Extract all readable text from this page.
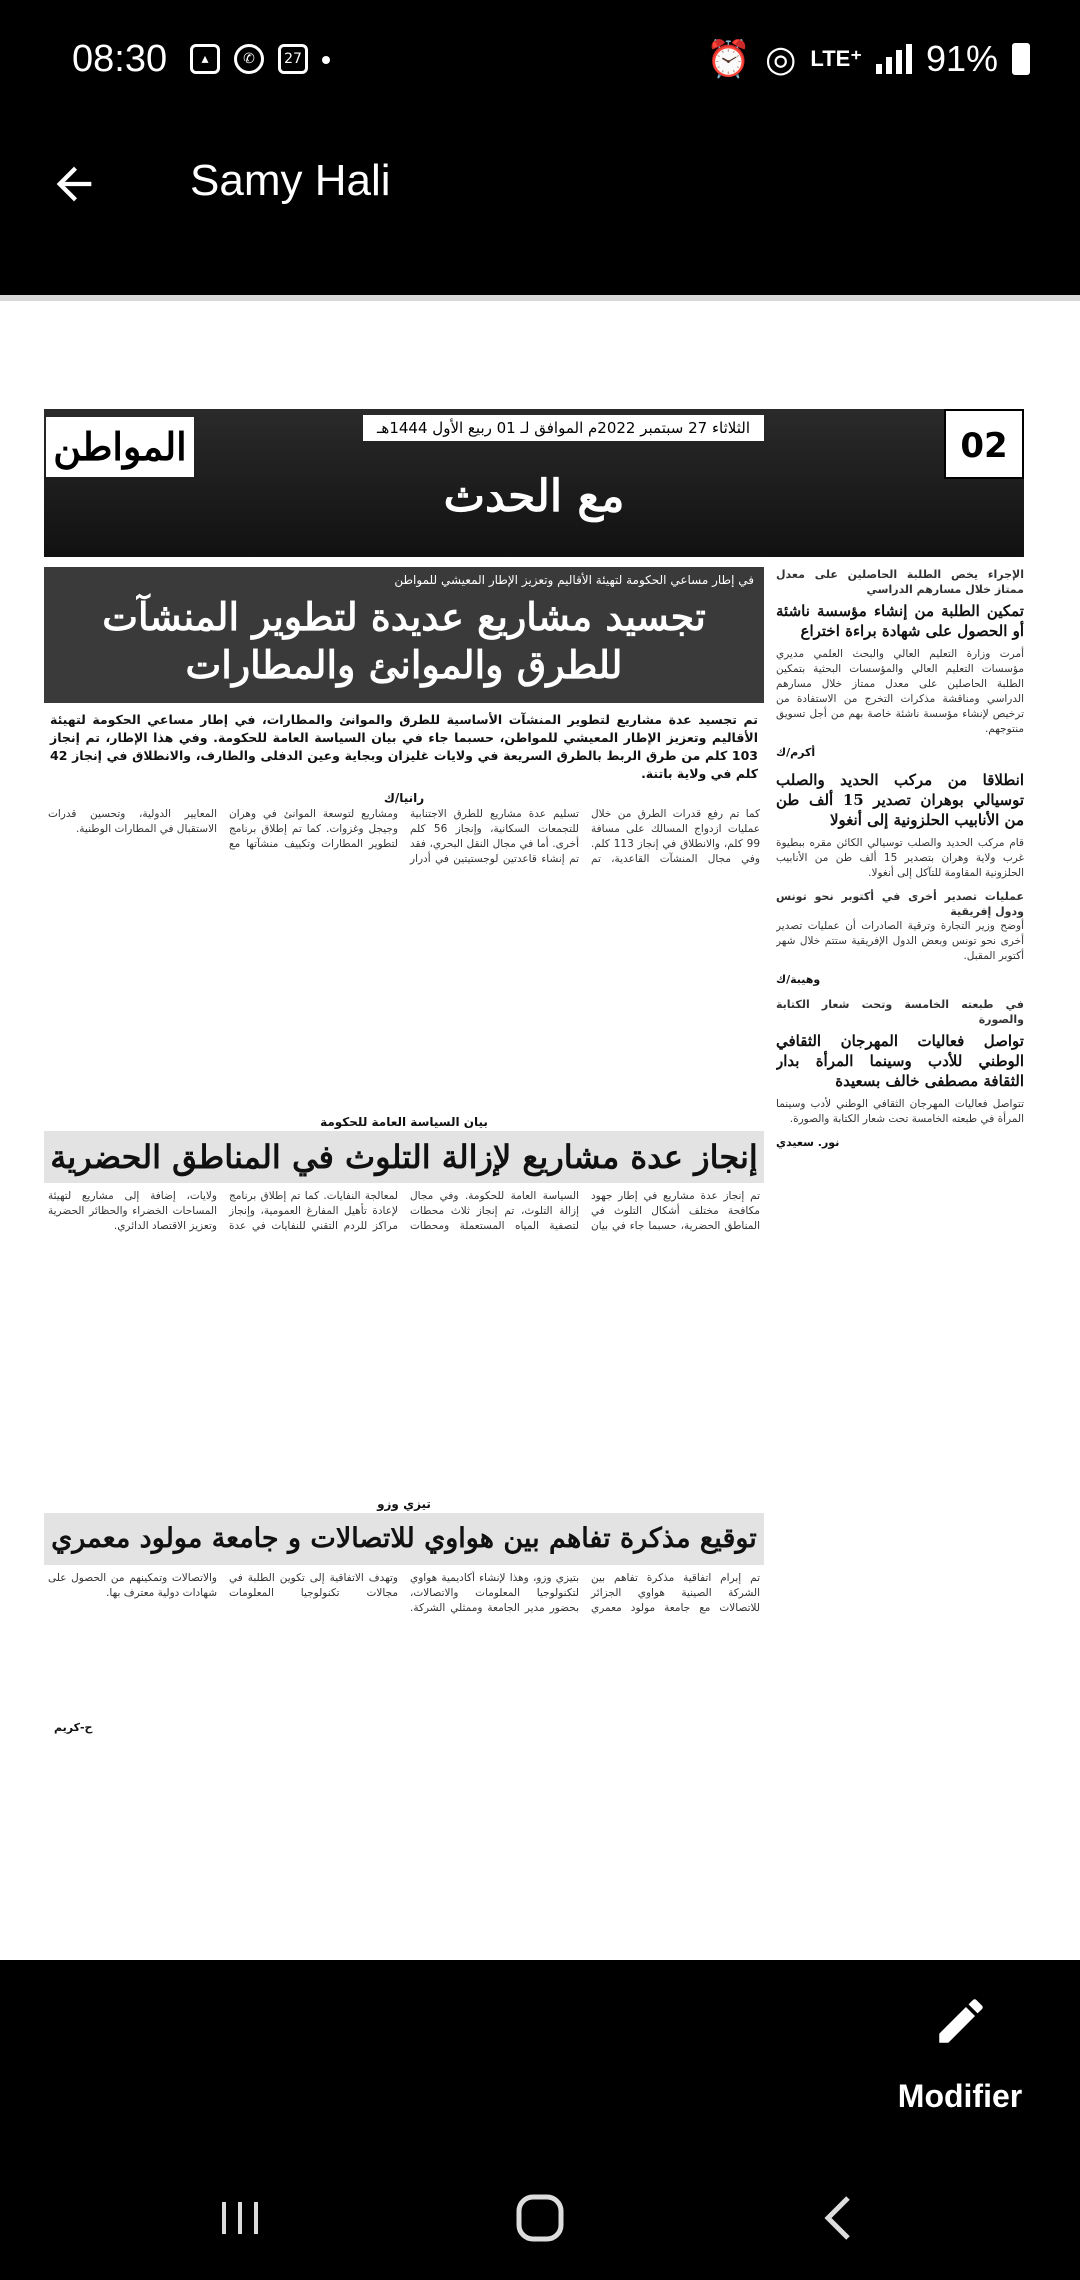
08:30	▴	✆	27	⏰ ◎ LTE⁺ 91%
Samy Hali
02
الثلاثاء 27 سبتمبر 2022م الموافق لـ 01 ربيع الأول 1444هـ
المواطن
مع الحدث

الإجراء يخص الطلبة الحاصلين على معدل ممتاز خلال مسارهم الدراسي

تمكين الطلبة من إنشاء مؤسسة ناشئة أو الحصول على شهادة براءة اختراع

أمرت وزارة التعليم العالي والبحث العلمي مديري مؤسسات التعليم العالي والمؤسسات البحثية بتمكين الطلبة الحاصلين على معدل ممتاز خلال مسارهم الدراسي ومناقشة مذكرات التخرج من الاستفادة من ترخيص لإنشاء مؤسسة ناشئة خاصة بهم من أجل تسويق منتوجهم.

أكرم/ك
انطلاقا من مركب الحديد والصلب توسيالي بوهران تصدير 15 ألف طن من الأنابيب الحلزونية إلى أنغولا

قام مركب الحديد والصلب توسيالي الكائن مقره ببطيوة غرب ولاية وهران بتصدير 15 ألف طن من الأنابيب الحلزونية المقاومة للتآكل إلى أنغولا.

عمليات تصدير أخرى في أكتوبر نحو تونس ودول إفريقية

أوضح وزير التجارة وترقية الصادرات أن عمليات تصدير أخرى نحو تونس وبعض الدول الإفريقية ستتم خلال شهر أكتوبر المقبل.

وهيبة/ك

في طبعته الخامسة وتحت شعار الكتابة والصورة

تواصل فعاليات المهرجان الثقافي الوطني للأدب وسينما المرأة بدار الثقافة مصطفى خالف بسعيدة

تتواصل فعاليات المهرجان الثقافي الوطني لأدب وسينما المرأة في طبعته الخامسة تحت شعار الكتابة والصورة.

نور. سعيدي
في إطار مساعي الحكومة لتهيئة الأقاليم وتعزيز الإطار المعيشي للمواطن
تجسيد مشاريع عديدة لتطوير المنشآت للطرق والموانئ والمطارات
تم تجسيد عدة مشاريع لتطوير المنشآت الأساسية للطرق والموانئ والمطارات، في إطار مساعي الحكومة لتهيئة الأقاليم وتعزيز الإطار المعيشي للمواطن، حسبما جاء في بيان السياسة العامة للحكومة. وفي هذا الإطار، تم إنجاز 103 كلم من طرق الربط بالطرق السريعة في ولايات غليزان وبجاية وعين الدفلى والطارف، والانطلاق في إنجاز 42 كلم في ولاية باتنة.
رانيا/ك

كما تم رفع قدرات الطرق من خلال عمليات ازدواج المسالك على مسافة 99 كلم، والانطلاق في إنجاز 113 كلم. وفي مجال المنشآت القاعدية، تم تسليم عدة مشاريع للطرق الاجتنابية للتجمعات السكانية، وإنجاز 56 كلم أخرى. أما في مجال النقل البحري، فقد تم إنشاء قاعدتين لوجستيتين في أدرار ومشاريع لتوسعة الموانئ في وهران وجيجل وغزوات. كما تم إطلاق برنامج لتطوير المطارات وتكييف منشآتها مع المعايير الدولية، وتحسين قدرات الاستقبال في المطارات الوطنية.

بيان السياسة العامة للحكومة
إنجاز عدة مشاريع لإزالة التلوث في المناطق الحضرية

تم إنجاز عدة مشاريع في إطار جهود مكافحة مختلف أشكال التلوث في المناطق الحضرية، حسبما جاء في بيان السياسة العامة للحكومة. وفي مجال إزالة التلوث، تم إنجاز ثلاث محطات لتصفية المياه المستعملة ومحطات لمعالجة النفايات. كما تم إطلاق برنامج لإعادة تأهيل المفارغ العمومية، وإنجاز مراكز للردم التقني للنفايات في عدة ولايات، إضافة إلى مشاريع لتهيئة المساحات الخضراء والحظائر الحضرية وتعزيز الاقتصاد الدائري.

تيزي وزو
توقيع مذكرة تفاهم بين هواوي للاتصالات و جامعة مولود معمري

تم إبرام اتفاقية مذكرة تفاهم بين الشركة الصينية هواوي الجزائر للاتصالات مع جامعة مولود معمري بتيزي وزو، وهذا لإنشاء أكاديمية هواوي لتكنولوجيا المعلومات والاتصالات، بحضور مدير الجامعة وممثلي الشركة. وتهدف الاتفاقية إلى تكوين الطلبة في مجالات تكنولوجيا المعلومات والاتصالات وتمكينهم من الحصول على شهادات دولية معترف بها.

ح-كريم
Modifier
